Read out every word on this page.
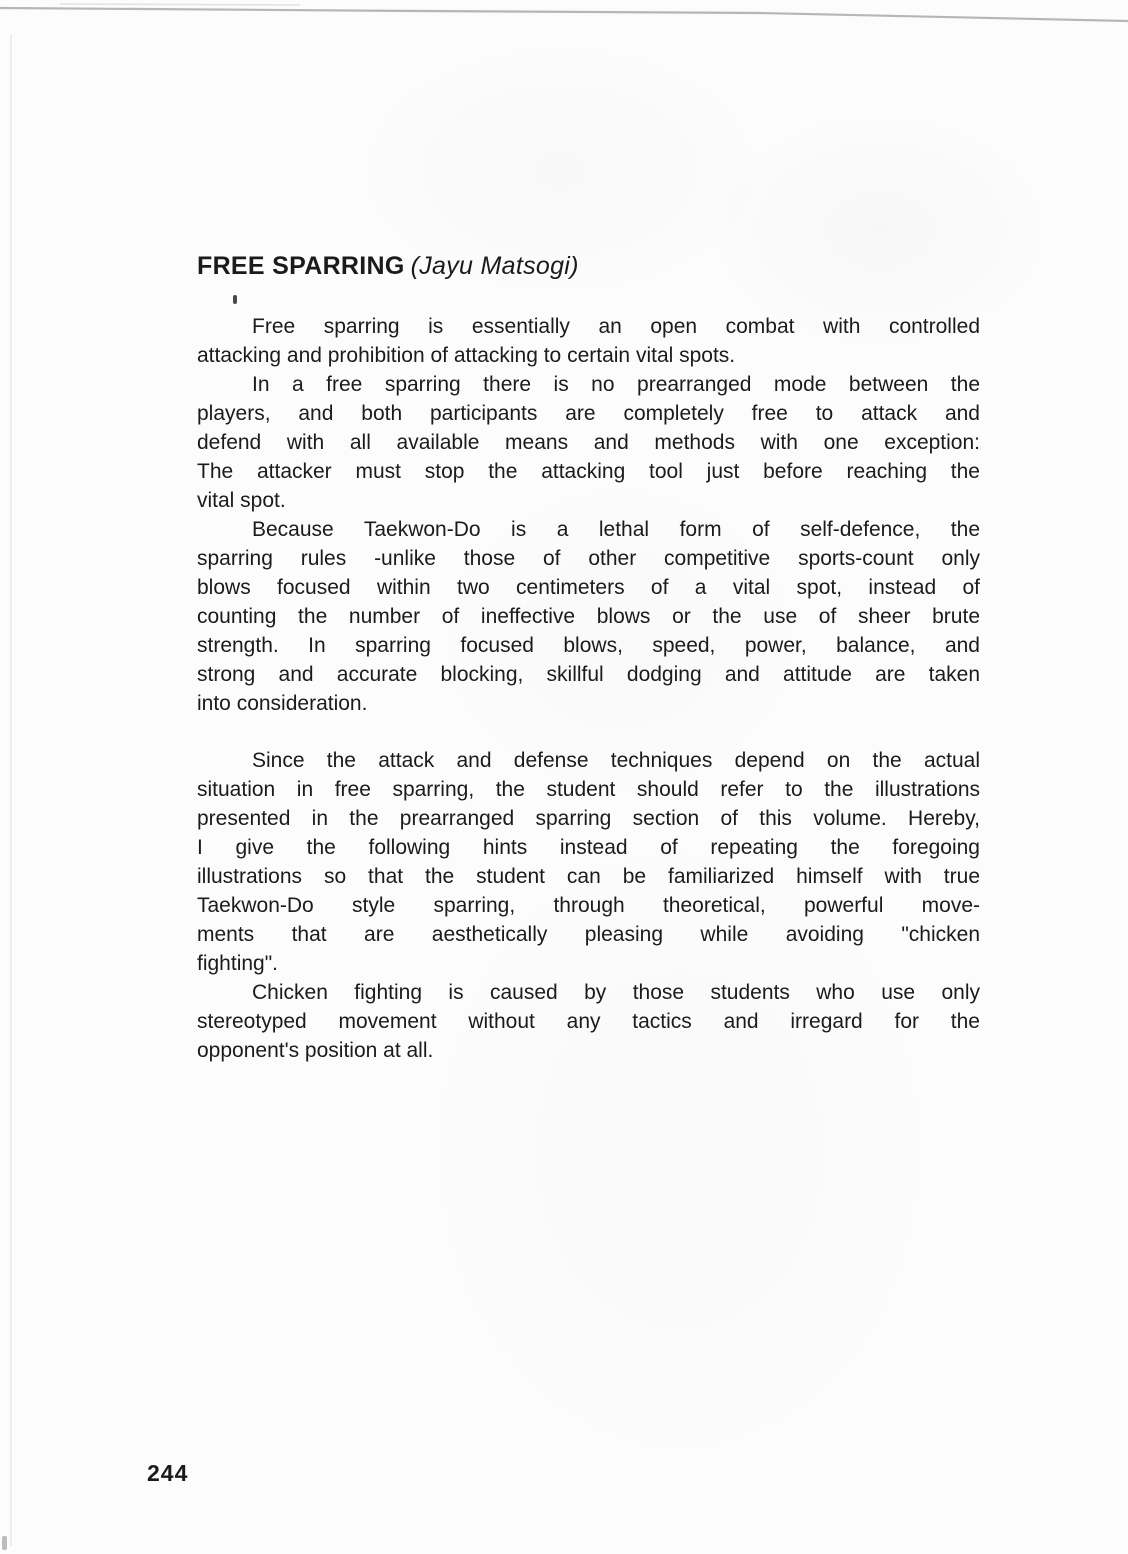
FREE SPARRING (Jayu Matsogi)
Free sparring is essentially an open combat with controlled
attacking and prohibition of attacking to certain vital spots.
In a free sparring there is no prearranged mode between the
players, and both participants are completely free to attack and
defend with all available means and methods with one exception:
The attacker must stop the attacking tool just before reaching the
vital spot.
Because Taekwon-Do is a lethal form of self-defence, the
sparring rules -unlike those of other competitive sports-count only
blows focused within two centimeters of a vital spot, instead of
counting the number of ineffective blows or the use of sheer brute
strength. In sparring focused blows, speed, power, balance, and
strong and accurate blocking, skillful dodging and attitude are taken
into consideration.
Since the attack and defense techniques depend on the actual
situation in free sparring, the student should refer to the illustrations
presented in the prearranged sparring section of this volume. Hereby,
I give the following hints instead of repeating the foregoing
illustrations so that the student can be familiarized himself with true
Taekwon-Do style sparring, through theoretical, powerful move-
ments that are aesthetically pleasing while avoiding "chicken
fighting".
Chicken fighting is caused by those students who use only
stereotyped movement without any tactics and irregard for the
opponent's position at all.
244
